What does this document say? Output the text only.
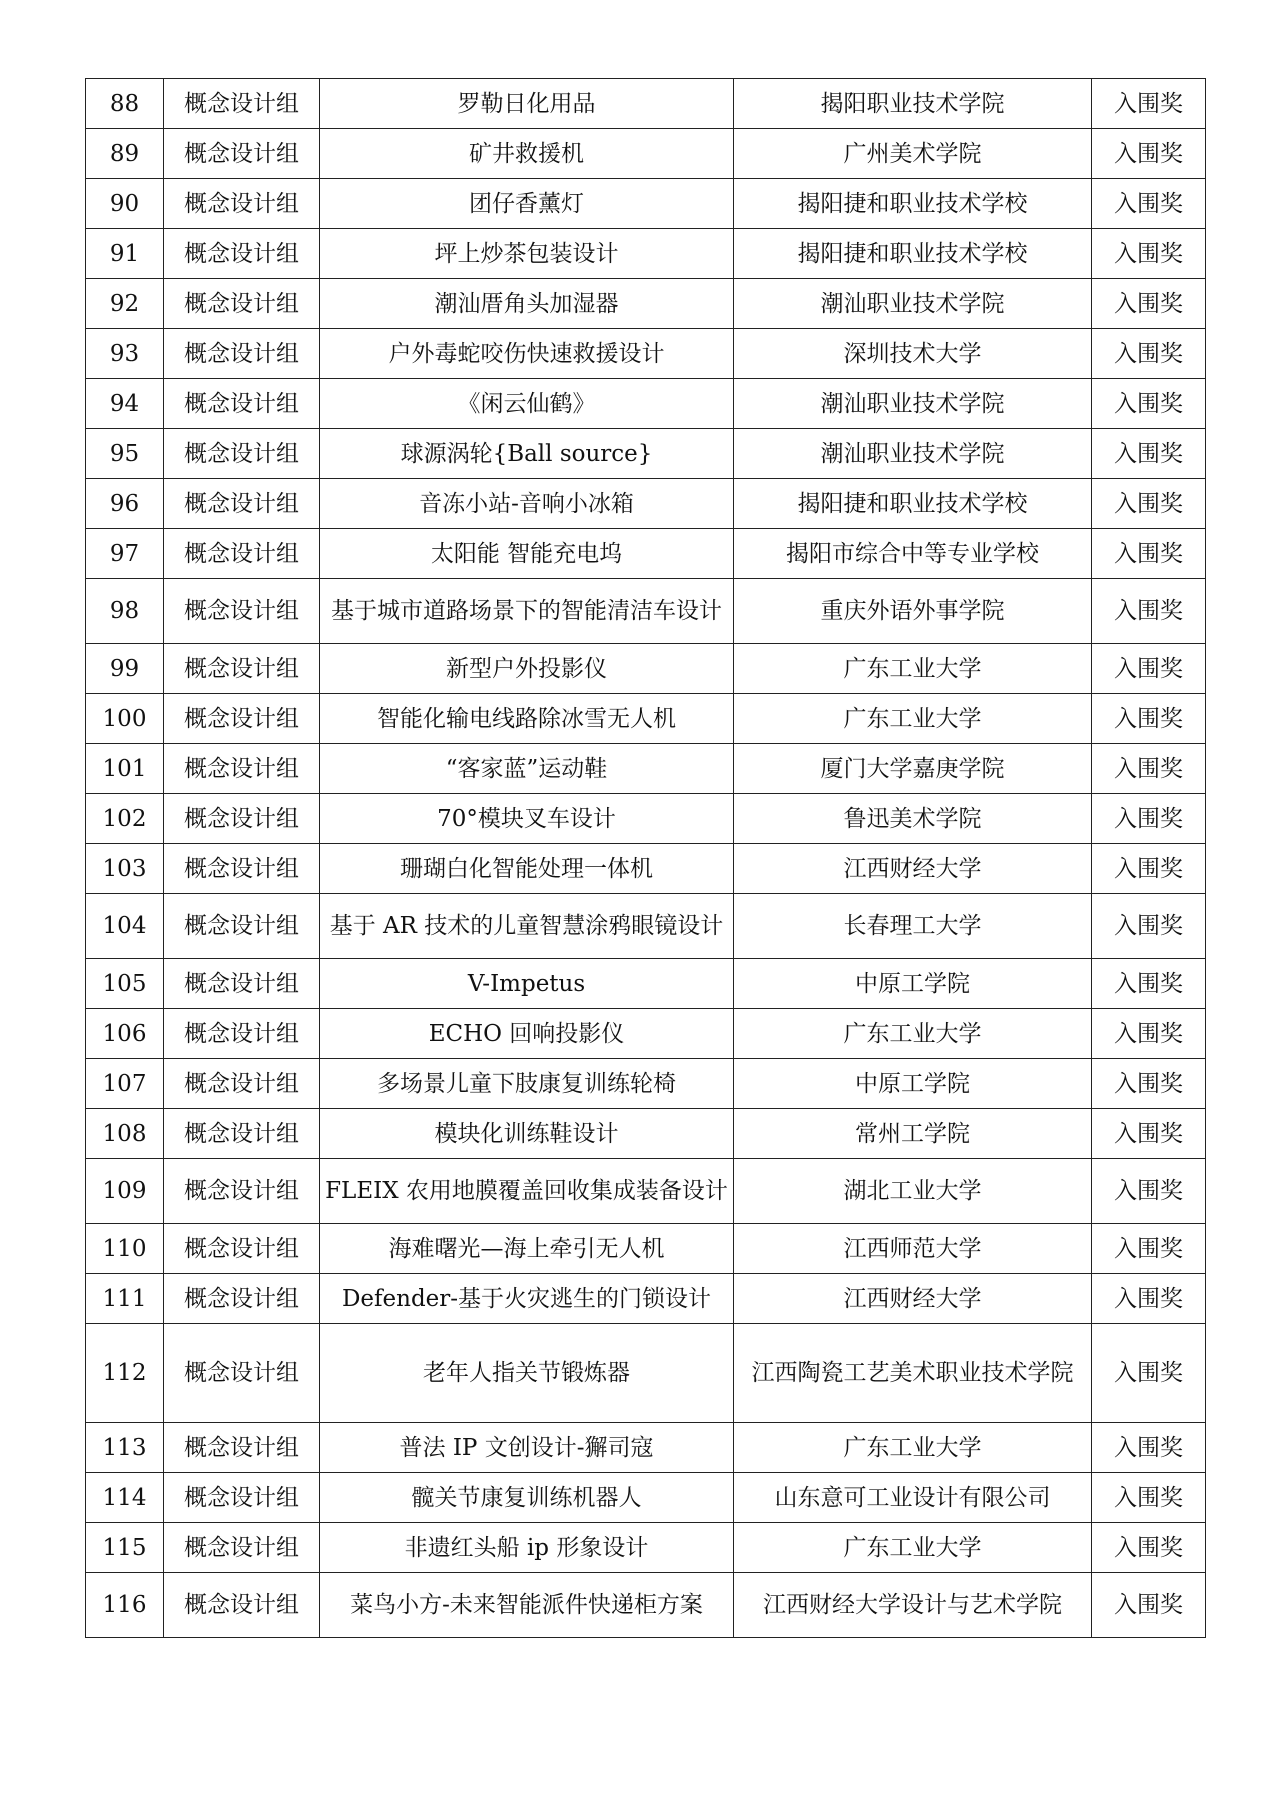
88	概念设计组	罗勒日化用品	揭阳职业技术学院	入围奖
89	概念设计组	矿井救援机	广州美术学院	入围奖
90	概念设计组	团仔香薰灯	揭阳捷和职业技术学校	入围奖
91	概念设计组	坪上炒茶包装设计	揭阳捷和职业技术学校	入围奖
92	概念设计组	潮汕厝角头加湿器	潮汕职业技术学院	入围奖
93	概念设计组	户外毒蛇咬伤快速救援设计	深圳技术大学	入围奖
94	概念设计组	《闲云仙鹤》	潮汕职业技术学院	入围奖
95	概念设计组	球源涡轮{Ball source}	潮汕职业技术学院	入围奖
96	概念设计组	音冻小站-音响小冰箱	揭阳捷和职业技术学校	入围奖
97	概念设计组	太阳能 智能充电坞	揭阳市综合中等专业学校	入围奖
98	概念设计组	基于城市道路场景下的智能清洁车设计	重庆外语外事学院	入围奖
99	概念设计组	新型户外投影仪	广东工业大学	入围奖
100	概念设计组	智能化输电线路除冰雪无人机	广东工业大学	入围奖
101	概念设计组	“客家蓝”运动鞋	厦门大学嘉庚学院	入围奖
102	概念设计组	70°模块叉车设计	鲁迅美术学院	入围奖
103	概念设计组	珊瑚白化智能处理一体机	江西财经大学	入围奖
104	概念设计组	基于 AR 技术的儿童智慧涂鸦眼镜设计	长春理工大学	入围奖
105	概念设计组	V-Impetus	中原工学院	入围奖
106	概念设计组	ECHO 回响投影仪	广东工业大学	入围奖
107	概念设计组	多场景儿童下肢康复训练轮椅	中原工学院	入围奖
108	概念设计组	模块化训练鞋设计	常州工学院	入围奖
109	概念设计组	FLEIX 农用地膜覆盖回收集成装备设计	湖北工业大学	入围奖
110	概念设计组	海难曙光—海上牵引无人机	江西师范大学	入围奖
111	概念设计组	Defender-基于火灾逃生的门锁设计	江西财经大学	入围奖
112	概念设计组	老年人指关节锻炼器	江西陶瓷工艺美术职业技术学院	入围奖
113	概念设计组	普法 IP 文创设计-獬司寇	广东工业大学	入围奖
114	概念设计组	髋关节康复训练机器人	山东意可工业设计有限公司	入围奖
115	概念设计组	非遗红头船 ip 形象设计	广东工业大学	入围奖
116	概念设计组	菜鸟小方-未来智能派件快递柜方案	江西财经大学设计与艺术学院	入围奖
